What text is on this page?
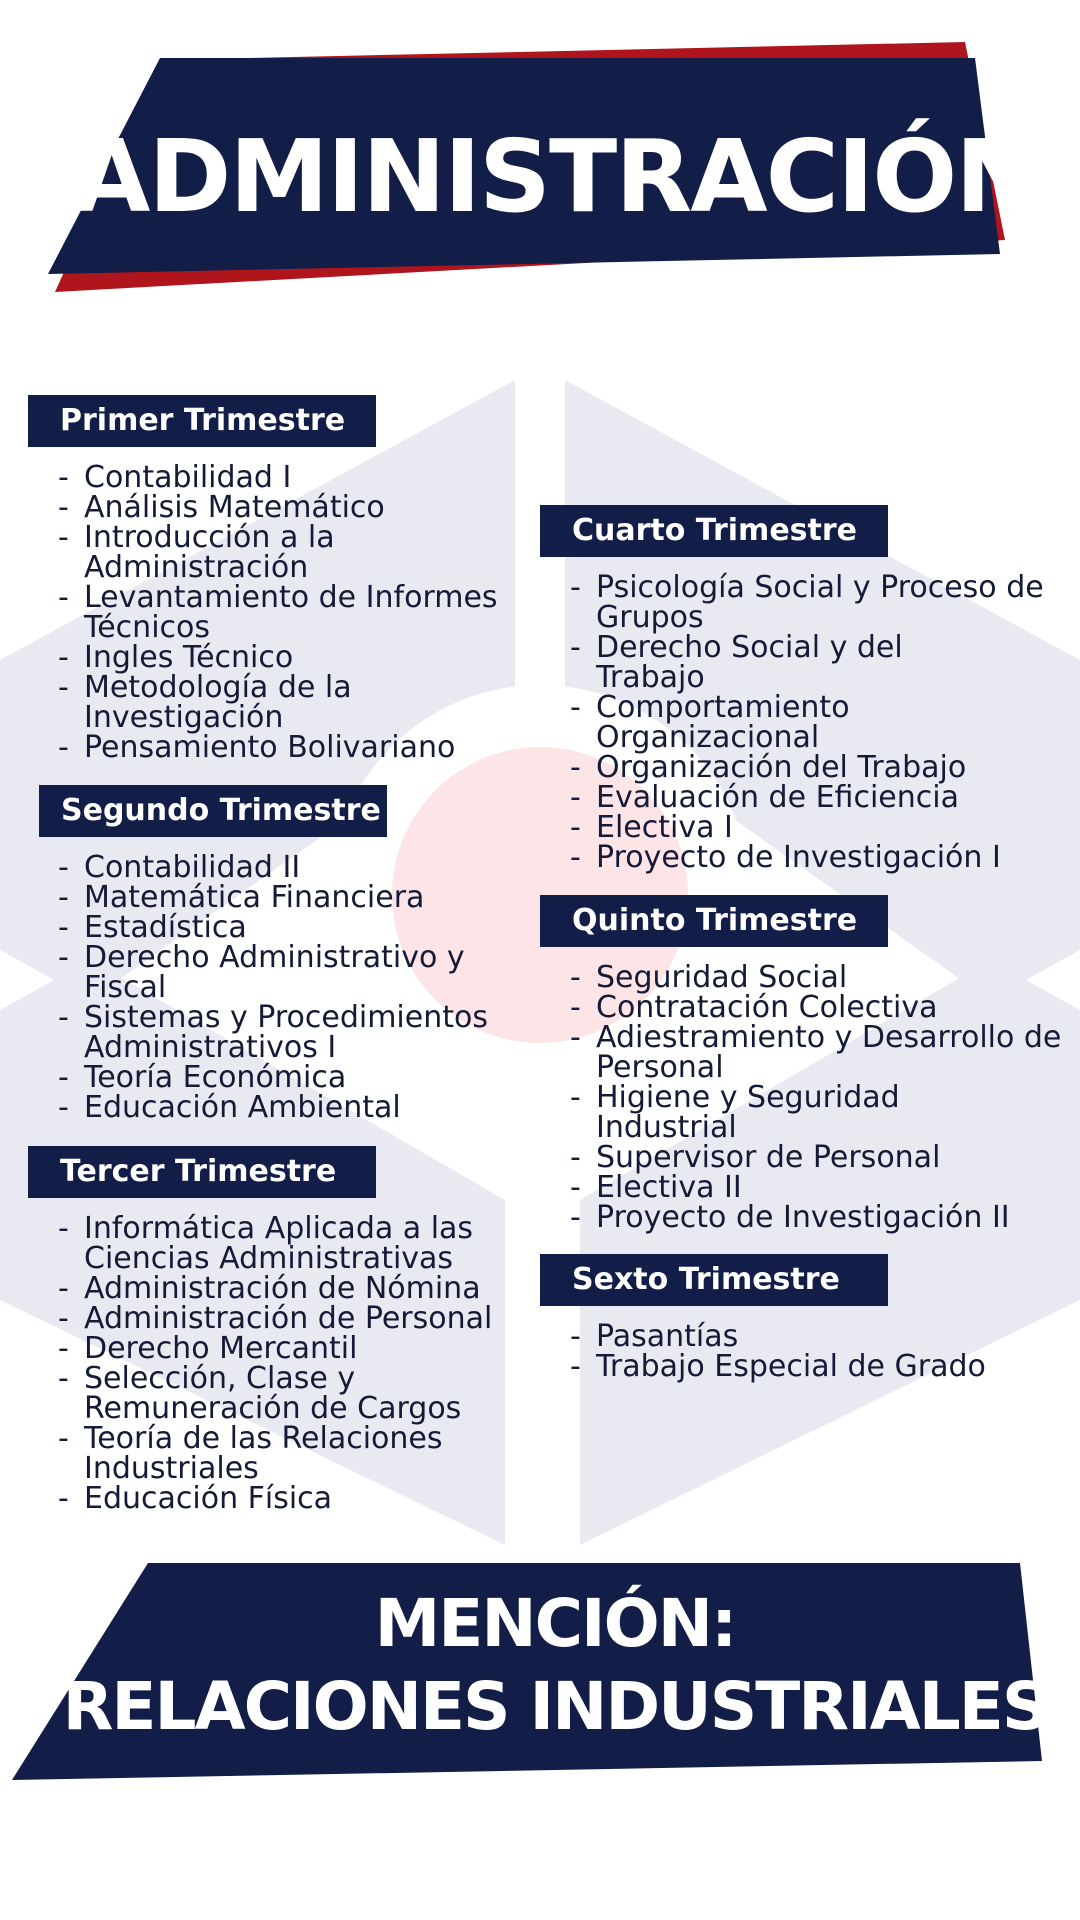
ADMINISTRACIÓN
Primer Trimestre
- Contabilidad I
- Análisis Matemático
- Introducción a la Administración
- Levantamiento de Informes Técnicos
- Ingles Técnico
- Metodología de la Investigación
- Pensamiento Bolivariano
Segundo Trimestre
- Contabilidad II
- Matemática Financiera
- Estadística
- Derecho Administrativo y Fiscal
- Sistemas y Procedimientos Administrativos I
- Teoría Económica
- Educación Ambiental
Tercer Trimestre
- Informática Aplicada a las Ciencias Administrativas
- Administración de Nómina
- Administración de Personal
- Derecho Mercantil
- Selección, Clase y Remuneración de Cargos
- Teoría de las Relaciones Industriales
- Educación Física
Cuarto Trimestre
- Psicología Social y Proceso de Grupos
- Derecho Social y del Trabajo
- Comportamiento Organizacional
- Organización del Trabajo
- Evaluación de Eficiencia
- Electiva I
- Proyecto de Investigación I
Quinto Trimestre
- Seguridad Social
- Contratación Colectiva
- Adiestramiento y Desarrollo de Personal
- Higiene y Seguridad Industrial
- Supervisor de Personal
- Electiva II
- Proyecto de Investigación II
Sexto Trimestre
- Pasantías
- Trabajo Especial de Grado
MENCIÓN:
RELACIONES INDUSTRIALES
